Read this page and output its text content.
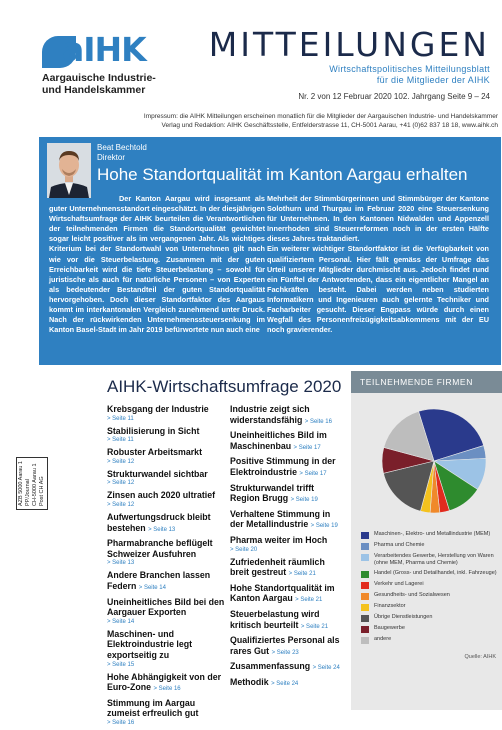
aIHK
Aargauische Industrie-
und Handelskammer
MITTEILUNGEN
Wirtschaftspolitisches Mitteilungsblatt
für die Mitglieder der AIHK
Nr. 2 von 12 Februar 2020 102. Jahrgang Seite 9 – 24
Impressum: die AIHK Mitteilungen erscheinen monatlich für die Mitglieder der Aargauischen Industrie- und Handelskammer
Verlag und Redaktion: AIHK Geschäftsstelle, Entfelderstrasse 11, CH-5001 Aarau, +41 (0)62 837 18 18, www.aihk.ch
Beat Bechtold
Direktor
Hohe Standortqualität im Kanton Aargau erhalten
Der Kanton Aargau wird insgesamt als guter Unternehmensstandort eingeschätzt. In der diesjährigen Wirtschaftsumfrage der AIHK beurteilen die Verantwortlichen der teilnehmenden Firmen die Standortqualität gewichtet sogar leicht positiver als im vergangenen Jahr. Als wichtiges Kriterium bei der Standortwahl von Unternehmen gilt nach wie vor die Steuerbelastung. Zusammen mit der guten Erreichbarkeit wird die tiefe Steuerbelastung – sowohl für juristische als auch für natürliche Personen – von Experten als bedeutender Bestandteil der guten Standortqualität hervorgehoben. Doch dieser Standortfaktor des Aargaus kommt im interkantonalen Vergleich zunehmend unter Druck. Nach der rückwirkenden Unternehmenssteuersenkung im Kanton Basel-Stadt im Jahr 2019 befürwortete nun auch eine
Mehrheit der Stimmbürgerinnen und Stimmbürger der Kantone Solothurn und Thurgau im Februar 2020 eine Steuersenkung für Unternehmen. In den Kantonen Nidwalden und Appenzell Innerrhoden sind Steuerreformen noch in der ersten Hälfte dieses Jahres traktandiert.
Ein weiterer wichtiger Standortfaktor ist die Verfügbarkeit von qualifiziertem Personal. Hier fällt gemäss der Umfrage das Urteil unserer Mitglieder durchmischt aus. Jedoch findet rund ein Fünftel der Antwortenden, dass ein eigentlicher Mangel an Fachkräften besteht. Dabei werden neben studierten Informatikern und Ingenieuren auch gelernte Techniker und Facharbeiter gesucht. Dieser Engpass würde durch einen Wegfall des Personenfreizügigkeitsabkommens mit der EU noch gravierender.
AZB 5000 Aarau 1 PP/Journal CH-5000 Aarau 1 Post CH AG
AIHK-Wirtschaftsumfrage 2020
Krebsgang der Industrie
> Seite 11
Stabilisierung in Sicht
> Seite 11
Robuster Arbeitsmarkt
> Seite 12
Strukturwandel sichtbar
> Seite 12
Zinsen auch 2020 ultratief
> Seite 12
Aufwertungsdruck bleibt bestehen > Seite 13
Pharmabranche beflügelt Schweizer Ausfuhren
> Seite 13
Andere Branchen lassen Federn > Seite 14
Uneinheitliches Bild bei den Aargauer Exporten
> Seite 14
Maschinen- und Elektroindustrie legt exportseitig zu
> Seite 15
Hohe Abhängigkeit von der Euro-Zone > Seite 16
Stimmung im Aargau zumeist erfreulich gut
> Seite 16
Industrie zeigt sich widerstandsfähig > Seite 16
Uneinheitliches Bild im Maschinenbau > Seite 17
Positive Stimmung in der Elektroindustrie > Seite 17
Strukturwandel trifft Region Brugg > Seite 19
Verhaltene Stimmung in der Metallindustrie > Seite 19
Pharma weiter im Hoch
> Seite 20
Zufriedenheit räumlich breit gestreut > Seite 21
Hohe Standortqualität im Kanton Aargau > Seite 21
Steuerbelastung wird kritisch beurteilt > Seite 21
Qualifiziertes Personal als rares Gut > Seite 23
Zusammenfassung > Seite 24
Methodik > Seite 24
TEILNEHMENDE FIRMEN
Maschinen-, Elektro- und Metallindustrie (MEM)
Pharma und Chemie
Verarbeitendes Gewerbe, Herstellung von Waren (ohne MEM, Pharma und Chemie)
Handel (Gross- und Detailhandel, inkl. Fahrzeuge)
Verkehr und Lagerei
Gesundheits- und Sozialwesen
Finanzsektor
Übrige Dienstleistungen
Baugewerbe
andere
Quelle: AIHK
